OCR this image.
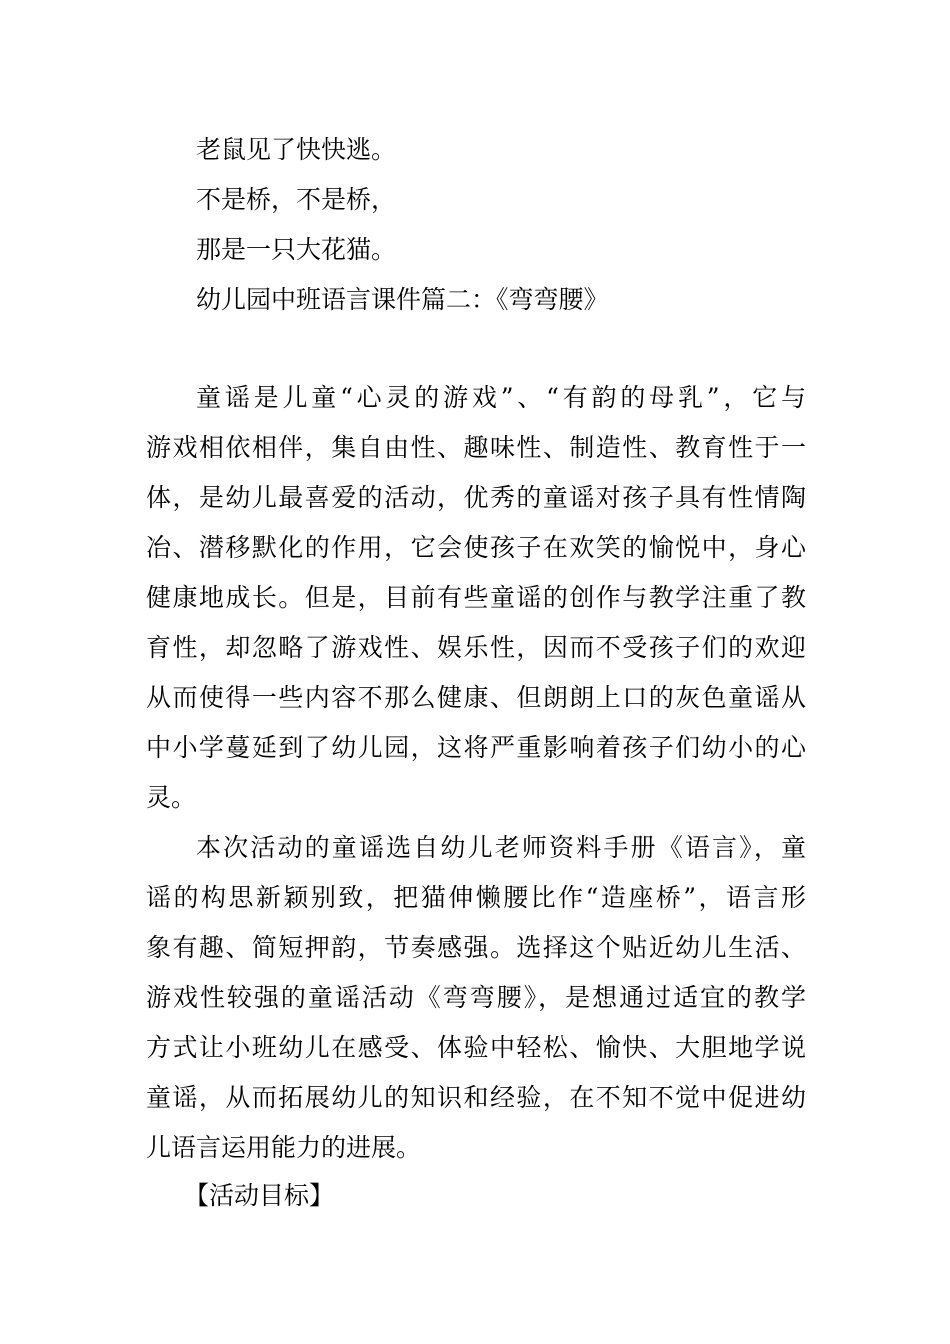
老鼠见了快快逃。
不是桥，不是桥，
那是一只大花猫。
幼儿园中班语言课件篇二：《弯弯腰》
童谣是儿童“心灵的游戏”、“有韵的母乳”，它与
游戏相依相伴，集自由性、趣味性、制造性、教育性于一
体，是幼儿最喜爱的活动，优秀的童谣对孩子具有性情陶
冶、潜移默化的作用，它会使孩子在欢笑的愉悦中，身心
健康地成长。但是，目前有些童谣的创作与教学注重了教
育性，却忽略了游戏性、娱乐性，因而不受孩子们的欢迎
从而使得一些内容不那么健康、但朗朗上口的灰色童谣从
中小学蔓延到了幼儿园，这将严重影响着孩子们幼小的心
灵。
本次活动的童谣选自幼儿老师资料手册《语言》，童
谣的构思新颖别致，把猫伸懒腰比作“造座桥”，语言形
象有趣、简短押韵，节奏感强。选择这个贴近幼儿生活、
游戏性较强的童谣活动《弯弯腰》，是想通过适宜的教学
方式让小班幼儿在感受、体验中轻松、愉快、大胆地学说
童谣，从而拓展幼儿的知识和经验，在不知不觉中促进幼
儿语言运用能力的进展。
【活动目标】
